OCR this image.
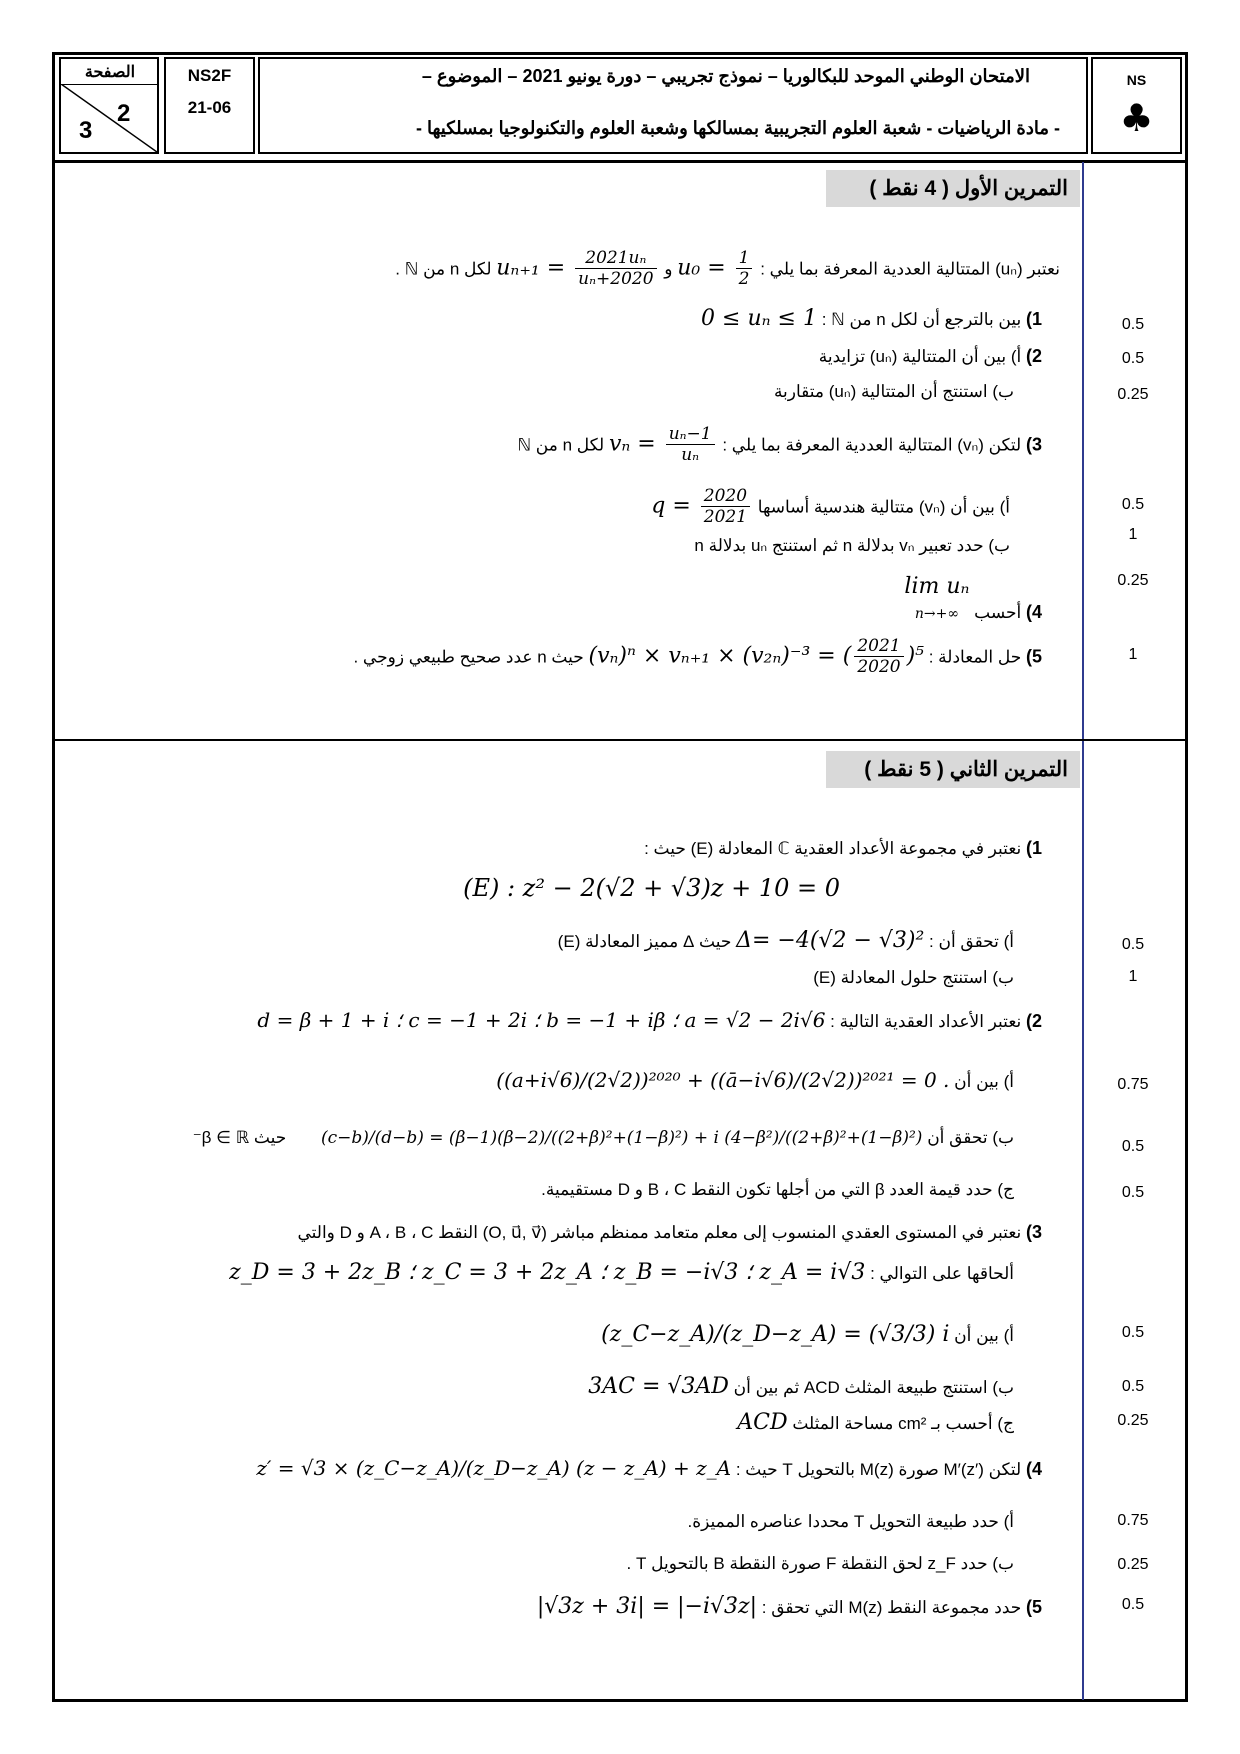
الصفحة
2
3
NS2F
21-06
الامتحان الوطني الموحد للبكالوريا – نموذج تجريبي – دورة يونيو 2021 – الموضوع –
- مادة الرياضيات - شعبة العلوم التجريبية بمسالكها وشعبة العلوم والتكنولوجيا بمسلكيها -
NS
♣
التمرين الأول ( 4 نقط )
نعتبر (uₙ) المتتالية العددية المعرفة بما يلي : $u_0 = \frac{1}{2}$
و $u_{n+1} = \frac{\text{2021uₙ}}{\text{uₙ+2020}}$
لكل n من ℕ .
1) بين بالترجع أن لكل n من ℕ : 0 ≤ uₙ ≤ 1
2) أ) بين أن المتتالية (uₙ) تزايدية
ب) استنتج أن المتتالية (uₙ) متقاربة
3) لتكن (vₙ) المتتالية العددية المعرفة بما يلي : $v_n = \frac{\text{uₙ−1}}{\text{uₙ}}$
لكل n من ℕ
أ) بين أن (vₙ) متتالية هندسية أساسها $q = \frac{2020}{2021}$
ب) حدد تعبير vₙ بدلالة n ثم استنتج uₙ بدلالة n
4) أحسب lim uₙ
n→+∞
5) حل المعادلة : (vₙ)ⁿ × vₙ₊₁ × (v₂ₙ)⁻³ = ( $\frac{2021}{2020} )^5$ حيث n عدد صحيح طبيعي زوجي .
التمرين الثاني ( 5 نقط )
1) نعتبر في مجموعة الأعداد العقدية ℂ المعادلة (E) حيث :
(E) : z² − 2(√2 + √3)z + 10 = 0
أ) تحقق أن : Δ= −4(√2 − √3)² حيث Δ مميز المعادلة (E)
ب) استنتج حلول المعادلة (E)
2) نعتبر الأعداد العقدية التالية : d = β + 1 + i ؛ c = −1 + 2i ؛ b = −1 + iβ ؛ a = √2 − 2i√6
أ) بين أن ((a+i√6)/(2√2))²⁰²⁰ + ((ā−i√6)/(2√2))²⁰²¹ = 0 .
ب) تحقق أن (c−b)/(d−b) = (β−1)(β−2)/((2+β)²+(1−β)²) + i (4−β²)/((2+β)²+(1−β)²) حيث β ∈ ℝ⁻
ج) حدد قيمة العدد β التي من أجلها تكون النقط B ، C و D مستقيمية.
3) نعتبر في المستوى العقدي المنسوب إلى معلم متعامد ممنظم مباشر (O, u⃗, v⃗) النقط A ، B ، C و D والتي
ألحاقها على التوالي : z_D = 3 + 2z_B ؛ z_C = 3 + 2z_A ؛ z_B = −i√3 ؛ z_A = i√3
أ) بين أن (z_C−z_A)/(z_D−z_A) = (√3/3) i
ب) استنتج طبيعة المثلث ACD ثم بين أن 3AC = √3AD
ج) أحسب بـ cm² مساحة المثلث ACD
4) لتكن M′(z′) صورة M(z) بالتحويل T حيث : z′ = √3 × (z_C−z_A)/(z_D−z_A) (z − z_A) + z_A
أ) حدد طبيعة التحويل T محددا عناصره المميزة.
ب) حدد z_F لحق النقطة F صورة النقطة B بالتحويل T .
5) حدد مجموعة النقط M(z) التي تحقق : |√3z + 3i| = |−i√3z|
0.5
0.5
0.25
0.5
1
0.25
1
0.5
1
0.75
0.5
0.5
0.5
0.5
0.25
0.75
0.25
0.5
